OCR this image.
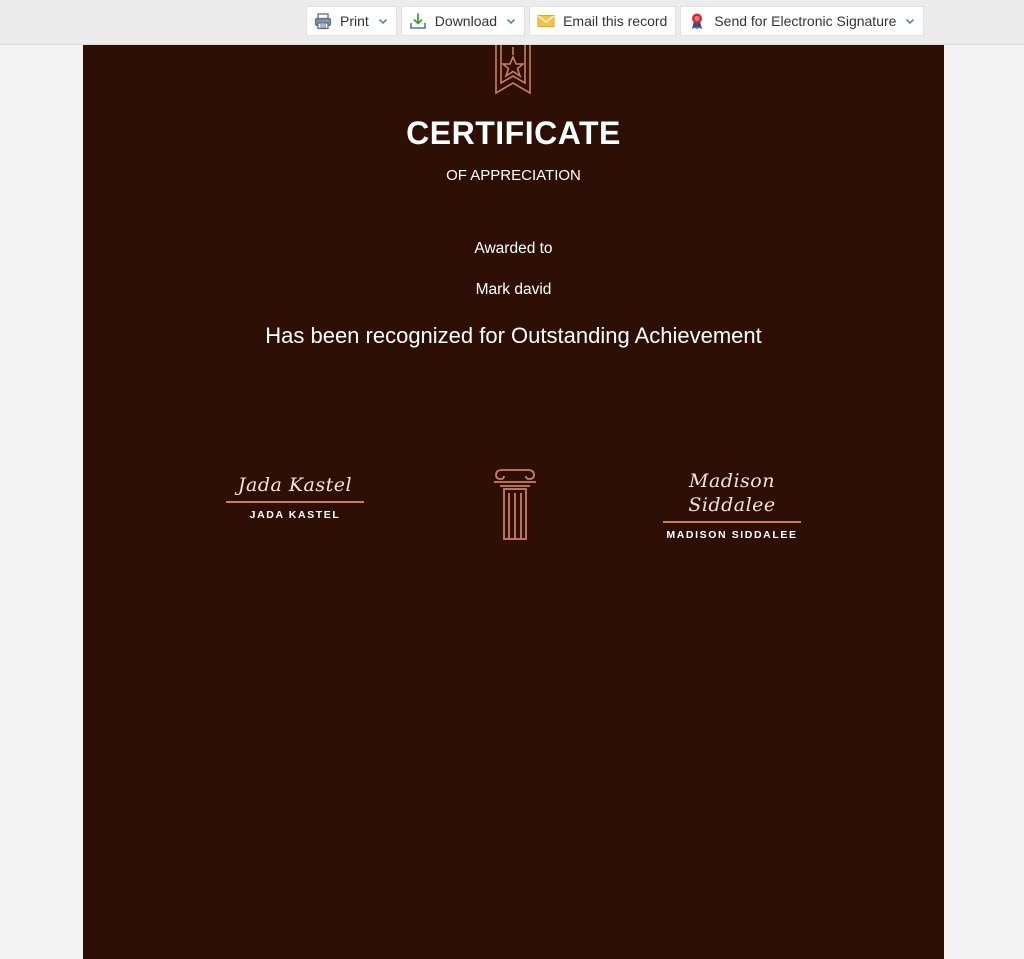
Print	Download	Email this record	Send for Electronic Signature
CERTIFICATE
OF APPRECIATION
Awarded to
Mark david
Has been recognized for Outstanding Achievement
Jada Kastel
JADA KASTEL
Madison Siddalee
MADISON SIDDALEE
